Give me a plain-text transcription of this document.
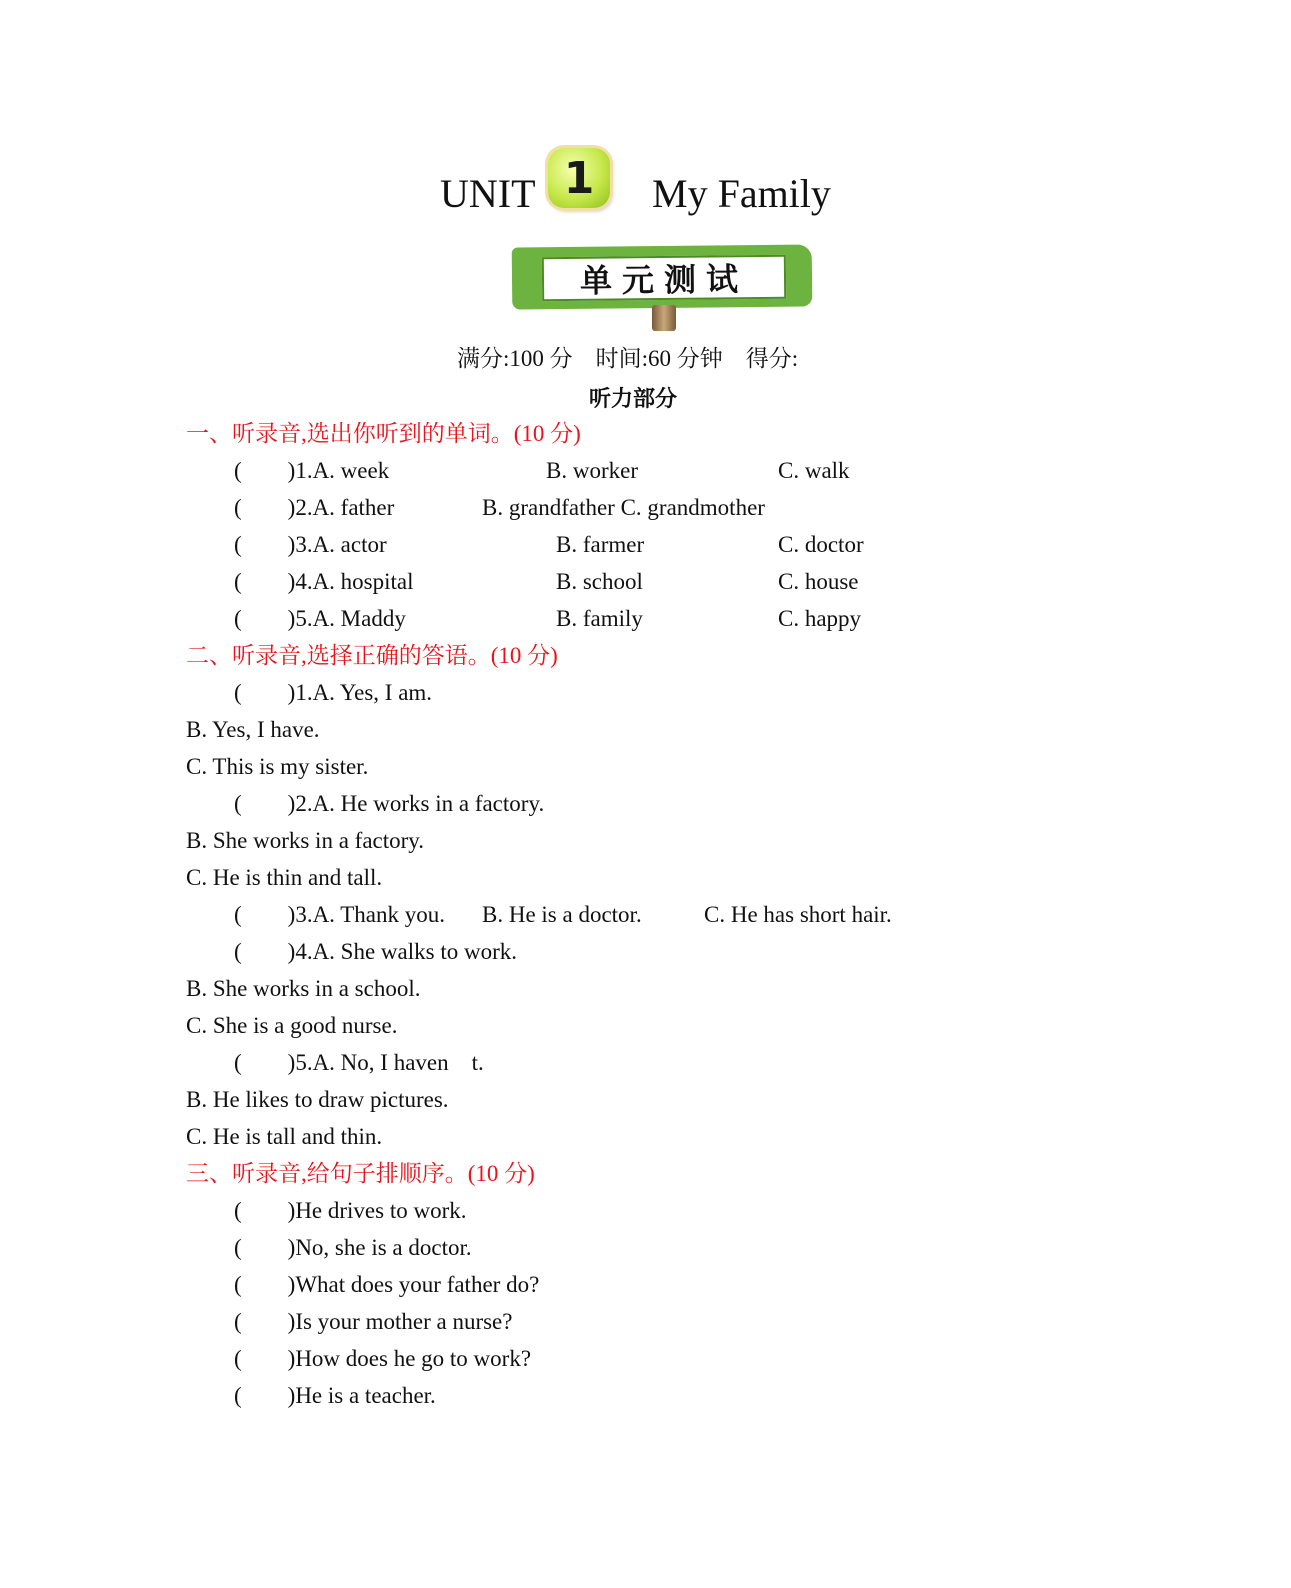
UNIT 1 My Family
单元测试
满分:100 分　时间:60 分钟　得分:
听力部分
一、听录音,选出你听到的单词。(10 分)
(　　)1.A. week	B. worker	C. walk
(　　)2.A. father	B. grandfather C. grandmother
(　　)3.A. actor	B. farmer	C. doctor
(　　)4.A. hospital	B. school	C. house
(　　)5.A. Maddy	B. family	C. happy
二、听录音,选择正确的答语。(10 分)
(　　)1.A. Yes, I am.
B. Yes, I have.
C. This is my sister.
(　　)2.A. He works in a factory.
B. She works in a factory.
C. He is thin and tall.
(　　)3.A. Thank you. B. He is a doctor.	C. He has short hair.
(　　)4.A. She walks to work.
B. She works in a school.
C. She is a good nurse.
(　　)5.A. No, I haven　t.
B. He likes to draw pictures.
C. He is tall and thin.
三、听录音,给句子排顺序。(10 分)
(　　)He drives to work.
(　　)No, she is a doctor.
(　　)What does your father do?
(　　)Is your mother a nurse?
(　　)How does he go to work?
(　　)He is a teacher.
